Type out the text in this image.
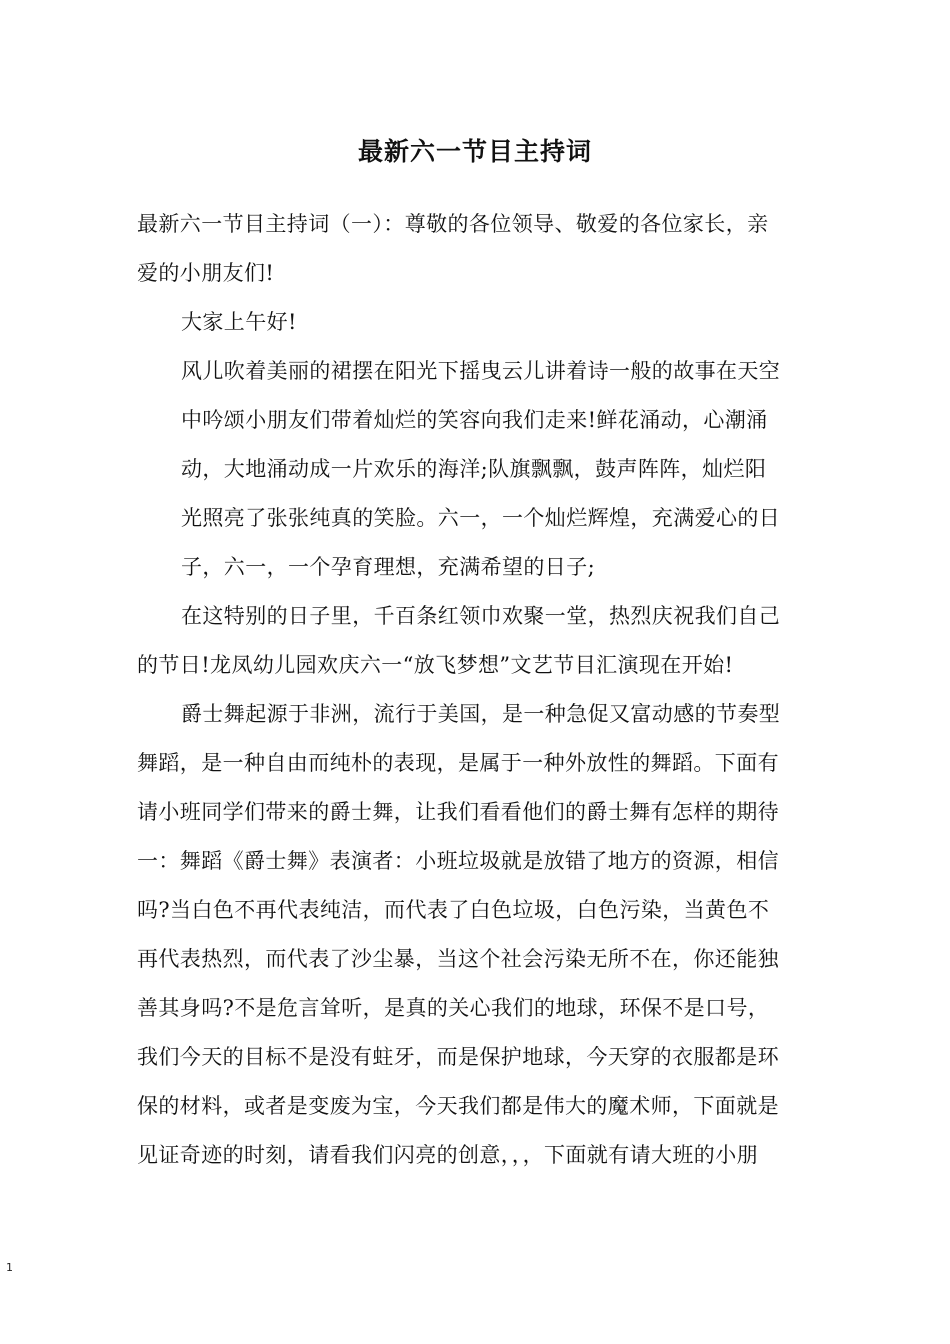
最新六一节目主持词
最新六一节目主持词（一）：尊敬的各位领导、敬爱的各位家长，亲
爱的小朋友们!
大家上午好!
风儿吹着美丽的裙摆在阳光下摇曳云儿讲着诗一般的故事在天空
中吟颂小朋友们带着灿烂的笑容向我们走来!鲜花涌动，心潮涌
动，大地涌动成一片欢乐的海洋;队旗飘飘，鼓声阵阵，灿烂阳
光照亮了张张纯真的笑脸。六一，一个灿烂辉煌，充满爱心的日
子，六一，一个孕育理想，充满希望的日子;
在这特别的日子里，千百条红领巾欢聚一堂，热烈庆祝我们自己
的节日!龙凤幼儿园欢庆六一“放飞梦想”文艺节目汇演现在开始!
爵士舞起源于非洲，流行于美国，是一种急促又富动感的节奏型
舞蹈，是一种自由而纯朴的表现，是属于一种外放性的舞蹈。下面有
请小班同学们带来的爵士舞，让我们看看他们的爵士舞有怎样的期待
一：舞蹈《爵士舞》表演者：小班垃圾就是放错了地方的资源，相信
吗?当白色不再代表纯洁，而代表了白色垃圾，白色污染，当黄色不
再代表热烈，而代表了沙尘暴，当这个社会污染无所不在，你还能独
善其身吗?不是危言耸听，是真的关心我们的地球，环保不是口号，
我们今天的目标不是没有蛀牙，而是保护地球，今天穿的衣服都是环
保的材料，或者是变废为宝，今天我们都是伟大的魔术师，下面就是
见证奇迹的时刻，请看我们闪亮的创意，，，下面就有请大班的小朋
1
